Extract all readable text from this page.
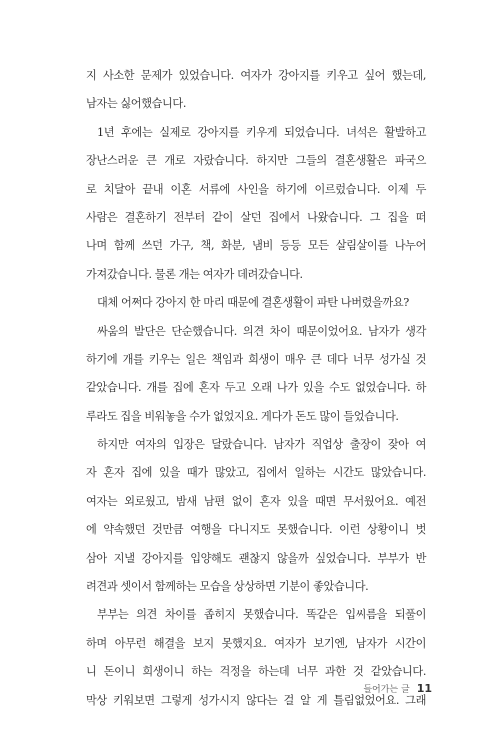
지 사소한 문제가 있었습니다. 여자가 강아지를 키우고 싶어 했는데,
남자는 싫어했습니다.
1년 후에는 실제로 강아지를 키우게 되었습니다. 녀석은 활발하고
장난스러운 큰 개로 자랐습니다. 하지만 그들의 결혼생활은 파국으
로 치달아 끝내 이혼 서류에 사인을 하기에 이르렀습니다. 이제 두
사람은 결혼하기 전부터 같이 살던 집에서 나왔습니다. 그 집을 떠
나며 함께 쓰던 가구, 책, 화분, 냄비 등등 모든 살림살이를 나누어
가져갔습니다. 물론 개는 여자가 데려갔습니다.
대체 어쩌다 강아지 한 마리 때문에 결혼생활이 파탄 나버렸을까요?
싸움의 발단은 단순했습니다. 의견 차이 때문이었어요. 남자가 생각
하기에 개를 키우는 일은 책임과 희생이 매우 큰 데다 너무 성가실 것
같았습니다. 개를 집에 혼자 두고 오래 나가 있을 수도 없었습니다. 하
루라도 집을 비워놓을 수가 없었지요. 게다가 돈도 많이 들었습니다.
하지만 여자의 입장은 달랐습니다. 남자가 직업상 출장이 잦아 여
자 혼자 집에 있을 때가 많았고, 집에서 일하는 시간도 많았습니다.
여자는 외로웠고, 밤새 남편 없이 혼자 있을 때면 무서웠어요. 예전
에 약속했던 것만큼 여행을 다니지도 못했습니다. 이런 상황이니 벗
삼아 지낼 강아지를 입양해도 괜찮지 않을까 싶었습니다. 부부가 반
려견과 셋이서 함께하는 모습을 상상하면 기분이 좋았습니다.
부부는 의견 차이를 좁히지 못했습니다. 똑같은 입씨름을 되풀이
하며 아무런 해결을 보지 못했지요. 여자가 보기엔, 남자가 시간이
니 돈이니 희생이니 하는 걱정을 하는데 너무 과한 것 같았습니다.
막상 키워보면 그렇게 성가시지 않다는 걸 알 게 틀림없었어요. 그래
들어가는 글 11
